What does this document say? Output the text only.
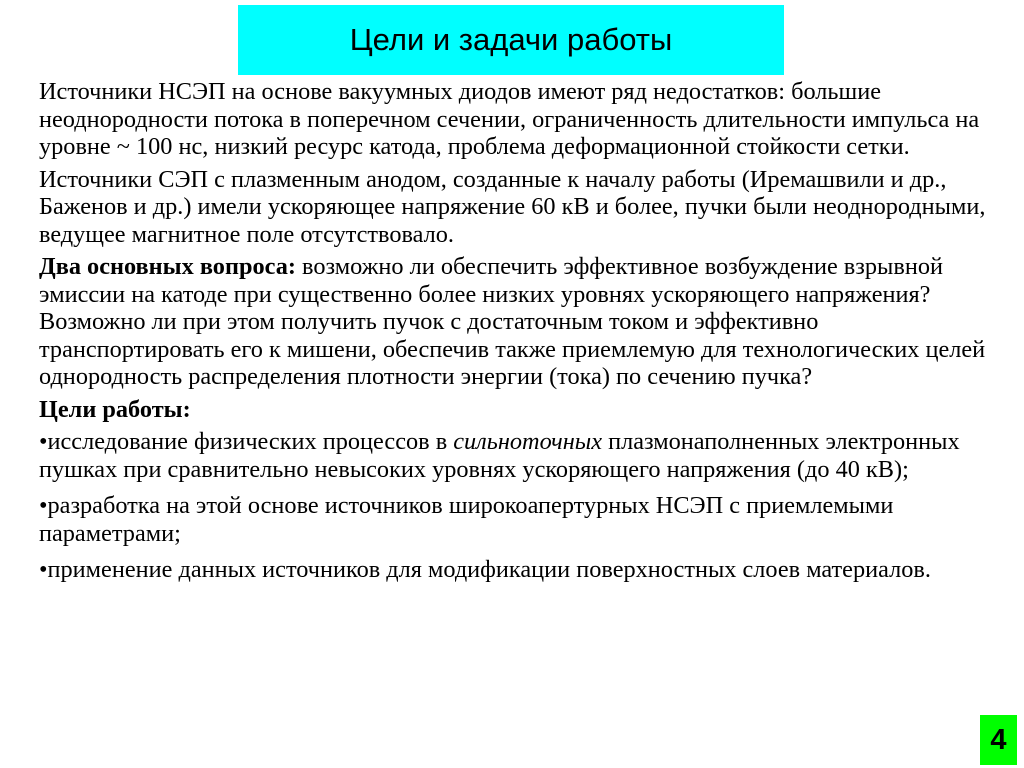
Цели и задачи работы

Источники НСЭП на основе вакуумных диодов имеют ряд недостатков: большие неоднородности потока в поперечном сечении, ограниченность длительности импульса на уровне ~ 100 нс, низкий ресурс катода, проблема деформационной стойкости сетки.

Источники СЭП с плазменным анодом, созданные к началу работы (Иремашвили и др., Баженов и др.) имели ускоряющее напряжение 60 кВ и более, пучки были неоднородными, ведущее магнитное поле отсутствовало.

Два основных вопроса: возможно ли обеспечить эффективное возбуждение взрывной эмиссии на катоде при существенно более низких уровнях ускоряющего напряжения? Возможно ли при этом получить пучок с достаточным током и эффективно транспортировать его к мишени, обеспечив также приемлемую для технологических целей однородность распределения плотности энергии (тока) по сечению пучка?

Цели работы:

•исследование физических процессов в сильноточных плазмонаполненных электронных пушках при сравнительно невысоких уровнях ускоряющего напряжения (до 40 кВ);

•разработка на этой основе источников широкоапертурных НСЭП с приемлемыми параметрами;

•применение данных источников для модификации поверхностных слоев материалов.

4
